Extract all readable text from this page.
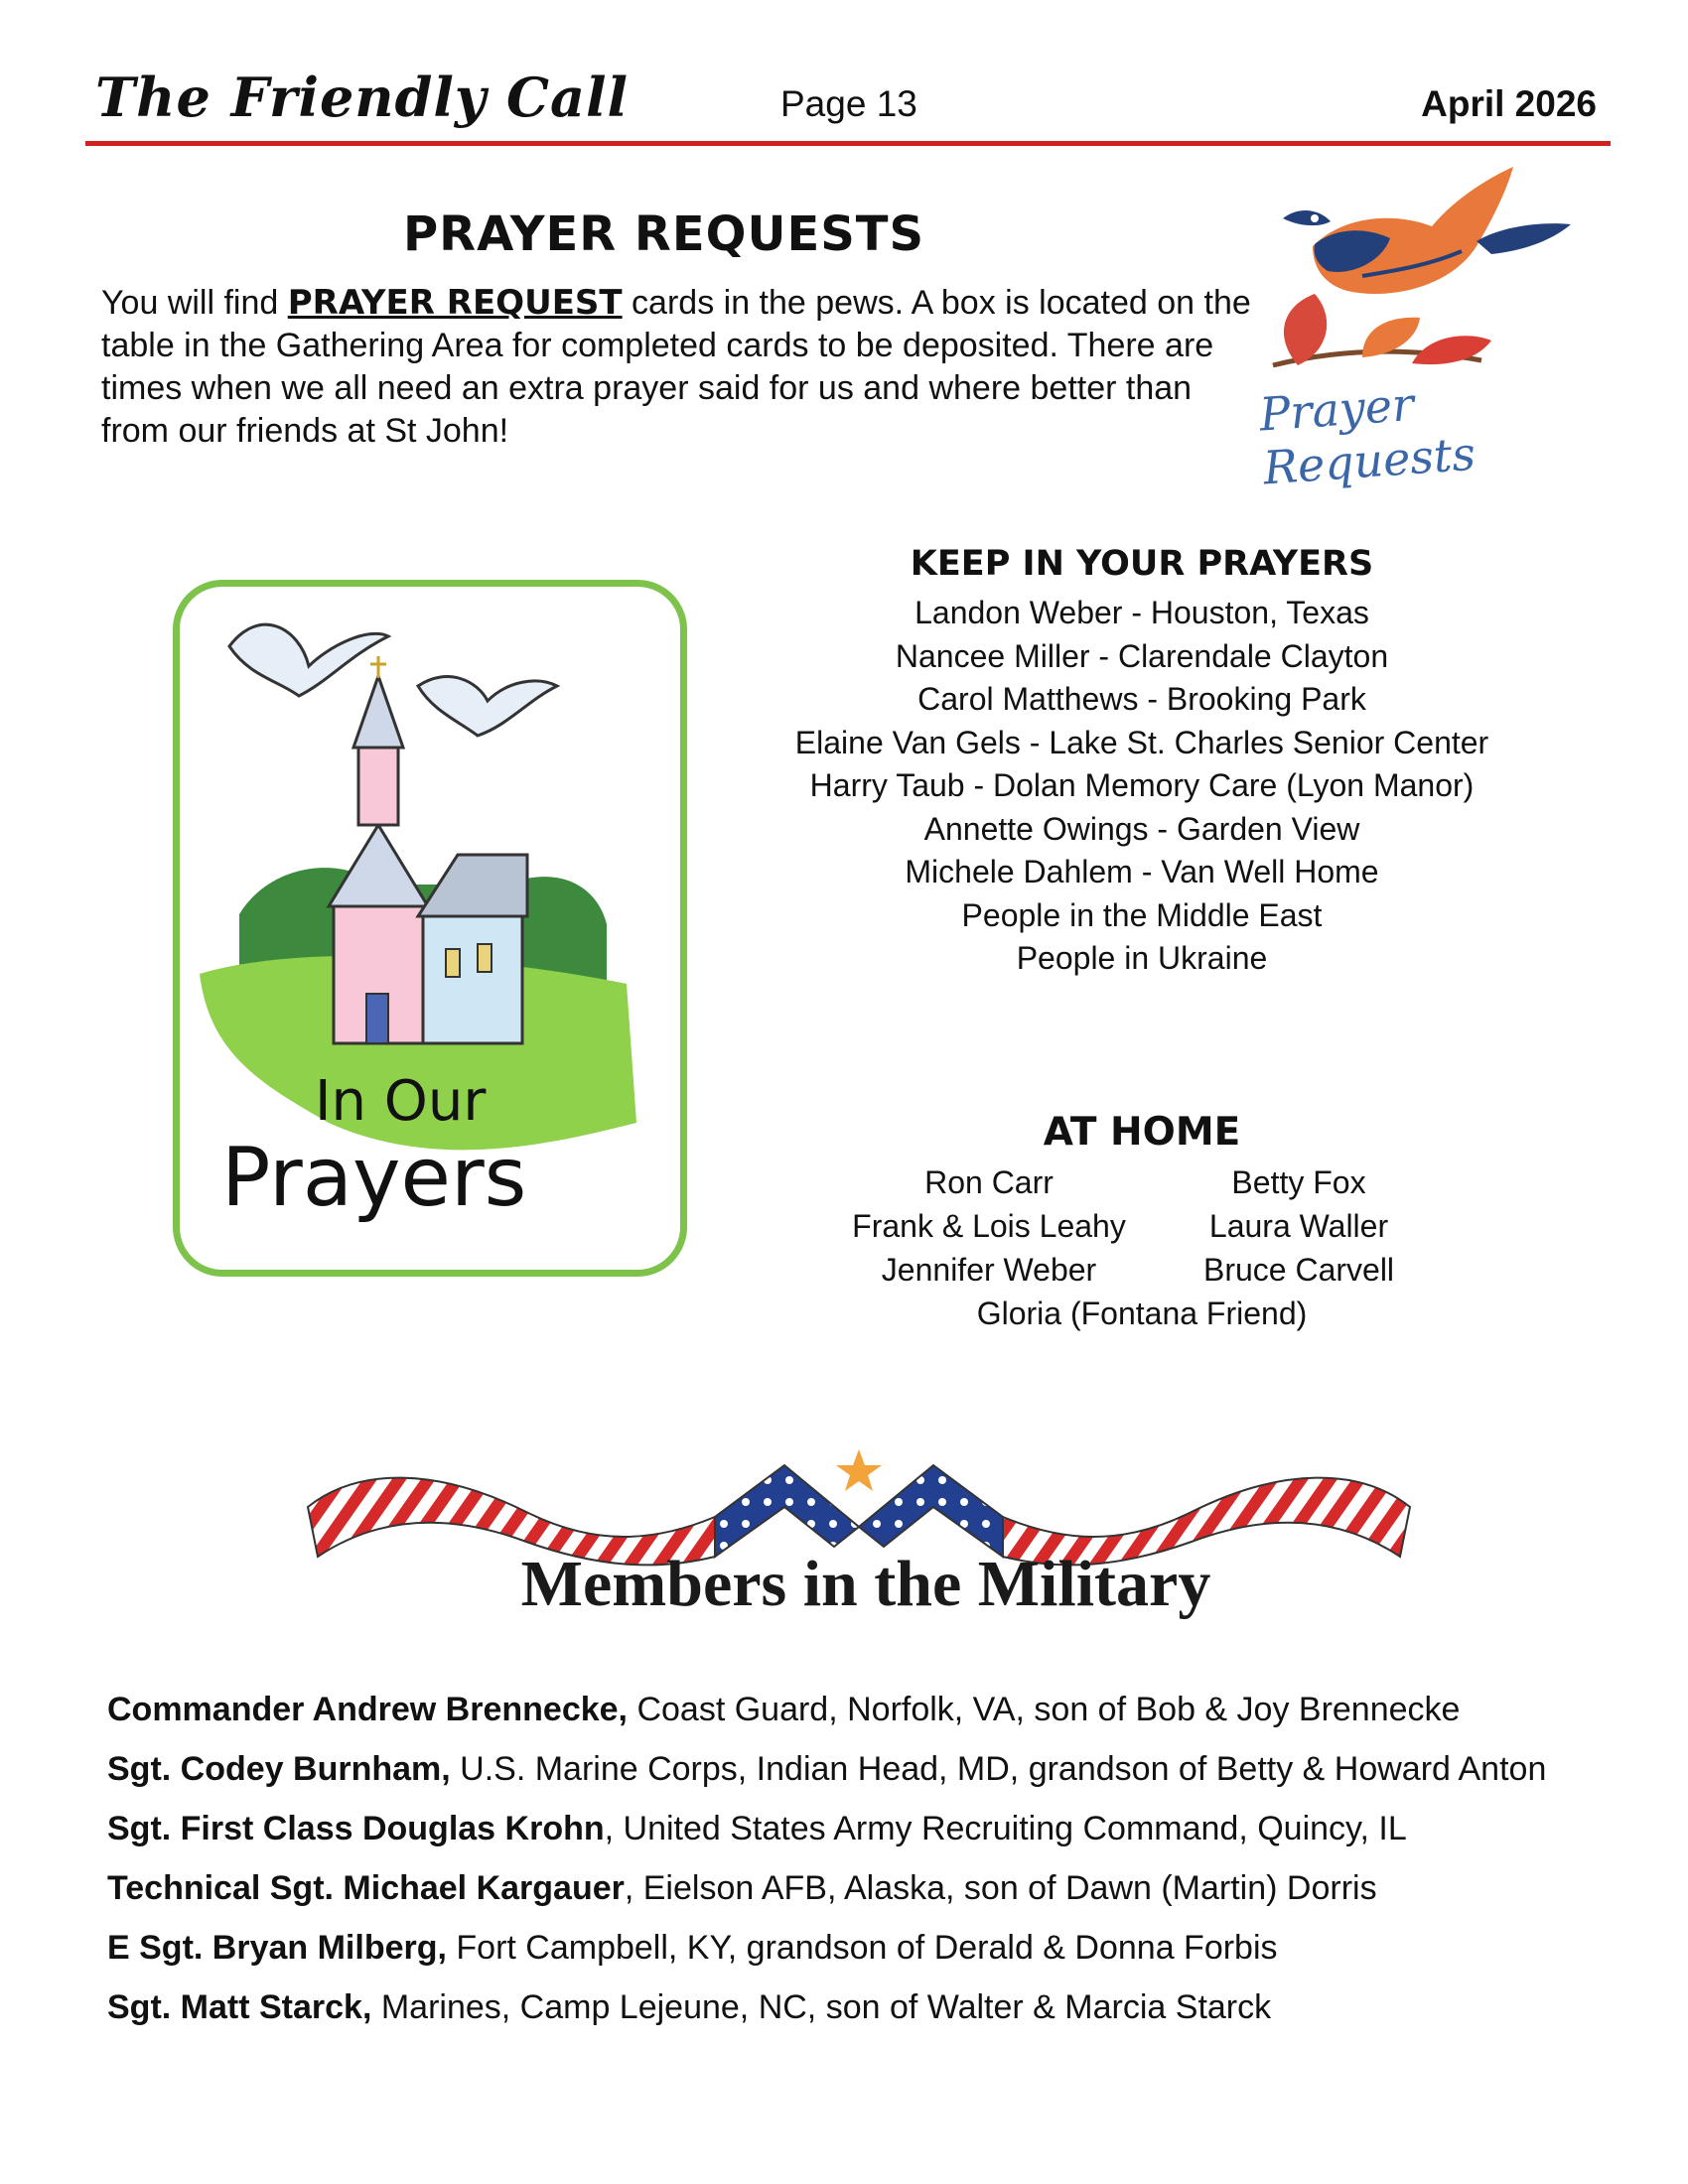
The Friendly Call	Page 13	April 2026
PRAYER REQUESTS
You will find PRAYER REQUEST cards in the pews. A box is located on the table in the Gathering Area for completed cards to be deposited. There are times when we all need an extra prayer said for us and where better than from our friends at St John!	Prayer Requests
In Our
Prayers
KEEP IN YOUR PRAYERS
Landon Weber - Houston, Texas
Nancee Miller - Clarendale Clayton
Carol Matthews - Brooking Park
Elaine Van Gels - Lake St. Charles Senior Center
Harry Taub - Dolan Memory Care (Lyon Manor)
Annette Owings - Garden View
Michele Dahlem - Van Well Home
People in the Middle East
People in Ukraine
AT HOME
Ron Carr	Betty Fox
Frank & Lois Leahy	Laura Waller
Jennifer Weber	Bruce Carvell
Gloria (Fontana Friend)
Members in the Military
Commander Andrew Brennecke, Coast Guard, Norfolk, VA, son of Bob & Joy Brennecke
Sgt. Codey Burnham, U.S. Marine Corps, Indian Head, MD, grandson of Betty & Howard Anton
Sgt. First Class Douglas Krohn, United States Army Recruiting Command, Quincy, IL
Technical Sgt. Michael Kargauer, Eielson AFB, Alaska, son of Dawn (Martin) Dorris
E Sgt. Bryan Milberg, Fort Campbell, KY, grandson of Derald & Donna Forbis
Sgt. Matt Starck, Marines, Camp Lejeune, NC, son of Walter & Marcia Starck
